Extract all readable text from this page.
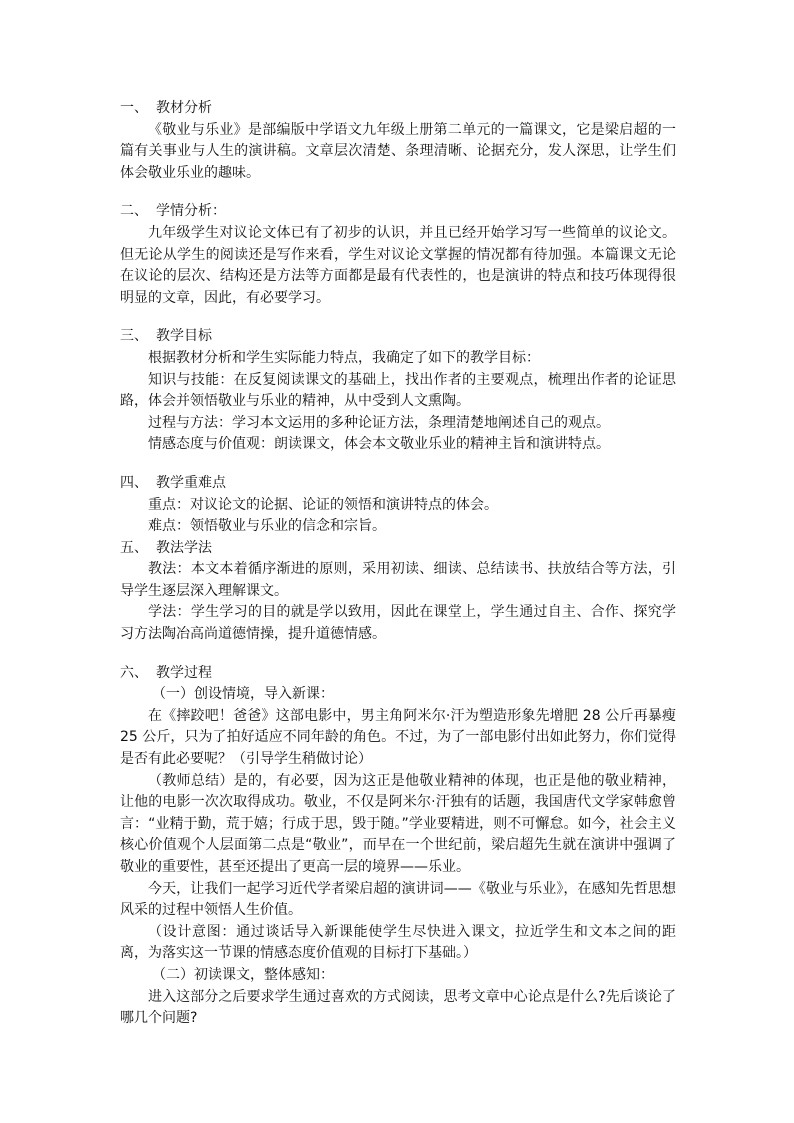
一、 教材分析

《敬业与乐业》是部编版中学语文九年级上册第二单元的一篇课文，它是梁启超的一篇有关事业与人生的演讲稿。文章层次清楚、条理清晰、论据充分，发人深思，让学生们体会敬业乐业的趣味。

二、 学情分析：

九年级学生对议论文体已有了初步的认识，并且已经开始学习写一些简单的议论文。但无论从学生的阅读还是写作来看，学生对议论文掌握的情况都有待加强。本篇课文无论在议论的层次、结构还是方法等方面都是最有代表性的，也是演讲的特点和技巧体现得很明显的文章，因此，有必要学习。

三、 教学目标

根据教材分析和学生实际能力特点，我确定了如下的教学目标：

知识与技能：在反复阅读课文的基础上，找出作者的主要观点，梳理出作者的论证思路，体会并领悟敬业与乐业的精神，从中受到人文熏陶。

过程与方法：学习本文运用的多种论证方法，条理清楚地阐述自己的观点。

情感态度与价值观：朗读课文，体会本文敬业乐业的精神主旨和演讲特点。

四、 教学重难点

重点：对议论文的论据、论证的领悟和演讲特点的体会。

难点：领悟敬业与乐业的信念和宗旨。

五、 教法学法

教法：本文本着循序渐进的原则，采用初读、细读、总结读书、扶放结合等方法，引导学生逐层深入理解课文。

学法：学生学习的目的就是学以致用，因此在课堂上，学生通过自主、合作、探究学习方法陶冶高尚道德情操，提升道德情感。

六、 教学过程

（一）创设情境，导入新课：

在《摔跤吧！爸爸》这部电影中，男主角阿米尔·汗为塑造形象先增肥 28 公斤再暴瘦 25 公斤，只为了拍好适应不同年龄的角色。不过，为了一部电影付出如此努力，你们觉得是否有此必要呢？（引导学生稍做讨论）

（教师总结）是的，有必要，因为这正是他敬业精神的体现，也正是他的敬业精神，让他的电影一次次取得成功。敬业，不仅是阿米尔·汗独有的话题，我国唐代文学家韩愈曾言：“业精于勤，荒于嬉；行成于思，毁于随。”学业要精进，则不可懈怠。如今，社会主义核心价值观个人层面第二点是“敬业”，而早在一个世纪前，梁启超先生就在演讲中强调了敬业的重要性，甚至还提出了更高一层的境界——乐业。

今天，让我们一起学习近代学者梁启超的演讲词——《敬业与乐业》，在感知先哲思想风采的过程中领悟人生价值。

（设计意图：通过谈话导入新课能使学生尽快进入课文，拉近学生和文本之间的距离，为落实这一节课的情感态度价值观的目标打下基础。）

（二）初读课文，整体感知：

进入这部分之后要求学生通过喜欢的方式阅读，思考文章中心论点是什么?先后谈论了哪几个问题?
